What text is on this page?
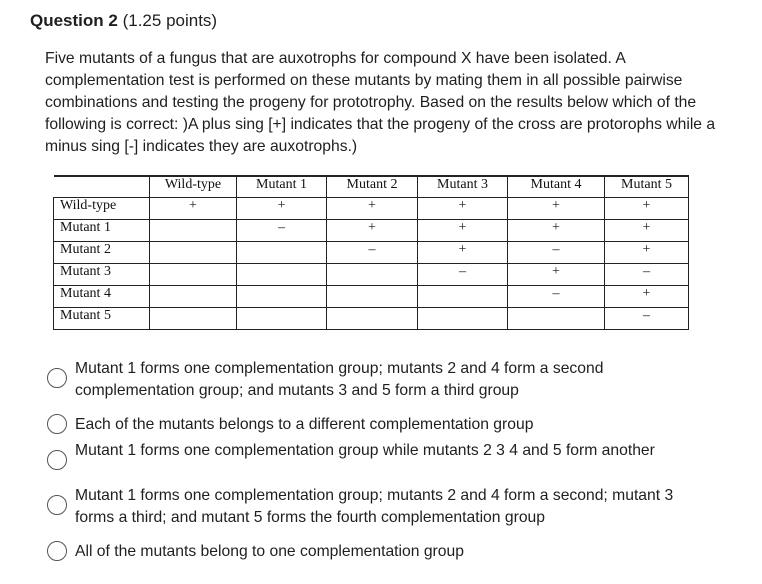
Question 2 (1.25 points)
Five mutants of a fungus that are auxotrophs for compound X have been isolated. A complementation test is performed on these mutants by mating them in all possible pairwise combinations and testing the progeny for prototrophy. Based on the results below which of the following is correct: )A plus sing [+] indicates that the progeny of the cross are protorophs while a minus sing [-] indicates they are auxotrophs.)
	Wild-type	Mutant 1	Mutant 2	Mutant 3	Mutant 4	Mutant 5
Wild-type	+	+	+	+	+	+
Mutant 1		–	+	+	+	+
Mutant 2			–	+	–	+
Mutant 3				–	+	–
Mutant 4					–	+
Mutant 5						–
Mutant 1 forms one complementation group; mutants 2 and 4 form a second complementation group; and mutants 3 and 5 form a third group
Each of the mutants belongs to a different complementation group
Mutant 1 forms one complementation group while mutants 2 3 4 and 5 form another
Mutant 1 forms one complementation group; mutants 2 and 4 form a second; mutant 3 forms a third; and mutant 5 forms the fourth complementation group
All of the mutants belong to one complementation group
